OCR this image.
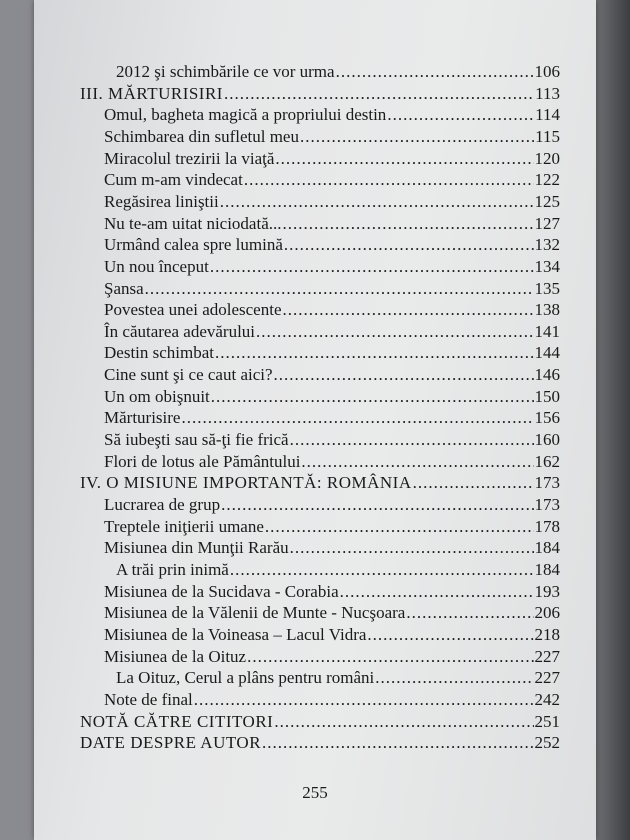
2012 şi schimbările ce vor urma .....	106
III. MĂRTURISIRI .....	113
Omul, bagheta magică a propriului destin .....	114
Schimbarea din sufletul meu .....	115
Miracolul trezirii la viaţă .....	120
Cum m-am vindecat .....	122
Regăsirea liniştii .....	125
Nu te-am uitat niciodată... .....	127
Urmând calea spre lumină .....	132
Un nou început .....	134
Şansa .....	135
Povestea unei adolescente .....	138
În căutarea adevărului .....	141
Destin schimbat .....	144
Cine sunt şi ce caut aici? .....	146
Un om obişnuit .....	150
Mărturisire .....	156
Să iubeşti sau să-ţi fie frică .....	160
Flori de lotus ale Pământului .....	162
IV. O MISIUNE IMPORTANTĂ: ROMÂNIA .....	173
Lucrarea de grup .....	173
Treptele iniţierii umane .....	178
Misiunea din Munţii Rarău .....	184
A trăi prin inimă .....	184
Misiunea de la Sucidava - Corabia .....	193
Misiunea de la Vălenii de Munte - Nucşoara .....	206
Misiunea de la Voineasa – Lacul Vidra .....	218
Misiunea de la Oituz .....	227
La Oituz, Cerul a plâns pentru români .....	227
Note de final .....	242
NOTĂ CĂTRE CITITORI .....	251
DATE DESPRE AUTOR .....	252
255
